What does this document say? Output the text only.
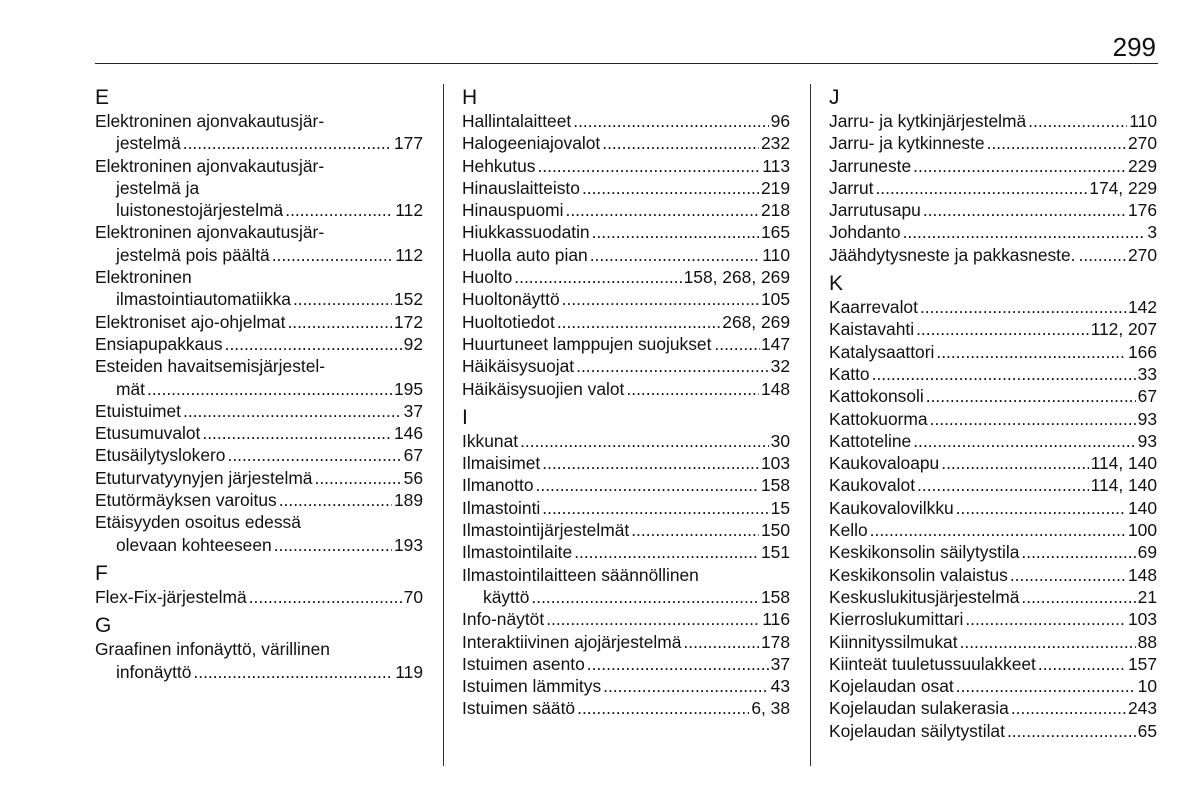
299
E
Elektroninen ajonvakautusjär-
jestelmä .....	177
Elektroninen ajonvakautusjär-
jestelmä ja
luistonestojärjestelmä .....	112
Elektroninen ajonvakautusjär-
jestelmä pois päältä .....	112
Elektroninen
ilmastointiautomatiikka .....	152
Elektroniset ajo-ohjelmat .....	172
Ensiapupakkaus .....	92
Esteiden havaitsemisjärjestel-
mät .....	195
Etuistuimet .....	37
Etusumuvalot .....	146
Etusäilytyslokero .....	67
Etuturvatyynyjen järjestelmä .....	56
Etutörmäyksen varoitus .....	189
Etäisyyden osoitus edessä
olevaan kohteeseen .....	193
F
Flex-Fix-järjestelmä .....	70
G
Graafinen infonäyttö, värillinen
infonäyttö .....	119
H
Hallintalaitteet .....	96
Halogeeniajovalot .....	232
Hehkutus .....	113
Hinauslaitteisto .....	219
Hinauspuomi .....	218
Hiukkassuodatin .....	165
Huolla auto pian .....	110
Huolto .....	158, 268, 269
Huoltonäyttö .....	105
Huoltotiedot .....	268, 269
Huurtuneet lamppujen suojukset .....	147
Häikäisysuojat .....	32
Häikäisysuojien valot .....	148
I
Ikkunat .....	30
Ilmaisimet .....	103
Ilmanotto .....	158
Ilmastointi .....	15
Ilmastointijärjestelmät .....	150
Ilmastointilaite .....	151
Ilmastointilaitteen säännöllinen
käyttö .....	158
Info-näytöt .....	116
Interaktiivinen ajojärjestelmä .....	178
Istuimen asento .....	37
Istuimen lämmitys .....	43
Istuimen säätö .....	6, 38
J
Jarru- ja kytkinjärjestelmä .....	110
Jarru- ja kytkinneste .....	270
Jarruneste .....	229
Jarrut .....	174, 229
Jarrutusapu .....	176
Johdanto .....	3
Jäähdytysneste ja pakkasneste. .....	270
K
Kaarrevalot .....	142
Kaistavahti .....	112, 207
Katalysaattori .....	166
Katto .....	33
Kattokonsoli .....	67
Kattokuorma .....	93
Kattoteline .....	93
Kaukovaloapu .....	114, 140
Kaukovalot .....	114, 140
Kaukovalovilkku .....	140
Kello .....	100
Keskikonsolin säilytystila .....	69
Keskikonsolin valaistus .....	148
Keskuslukitusjärjestelmä .....	21
Kierroslukumittari .....	103
Kiinnityssilmukat .....	88
Kiinteät tuuletussuulakkeet .....	157
Kojelaudan osat .....	10
Kojelaudan sulakerasia .....	243
Kojelaudan säilytystilat .....	65
